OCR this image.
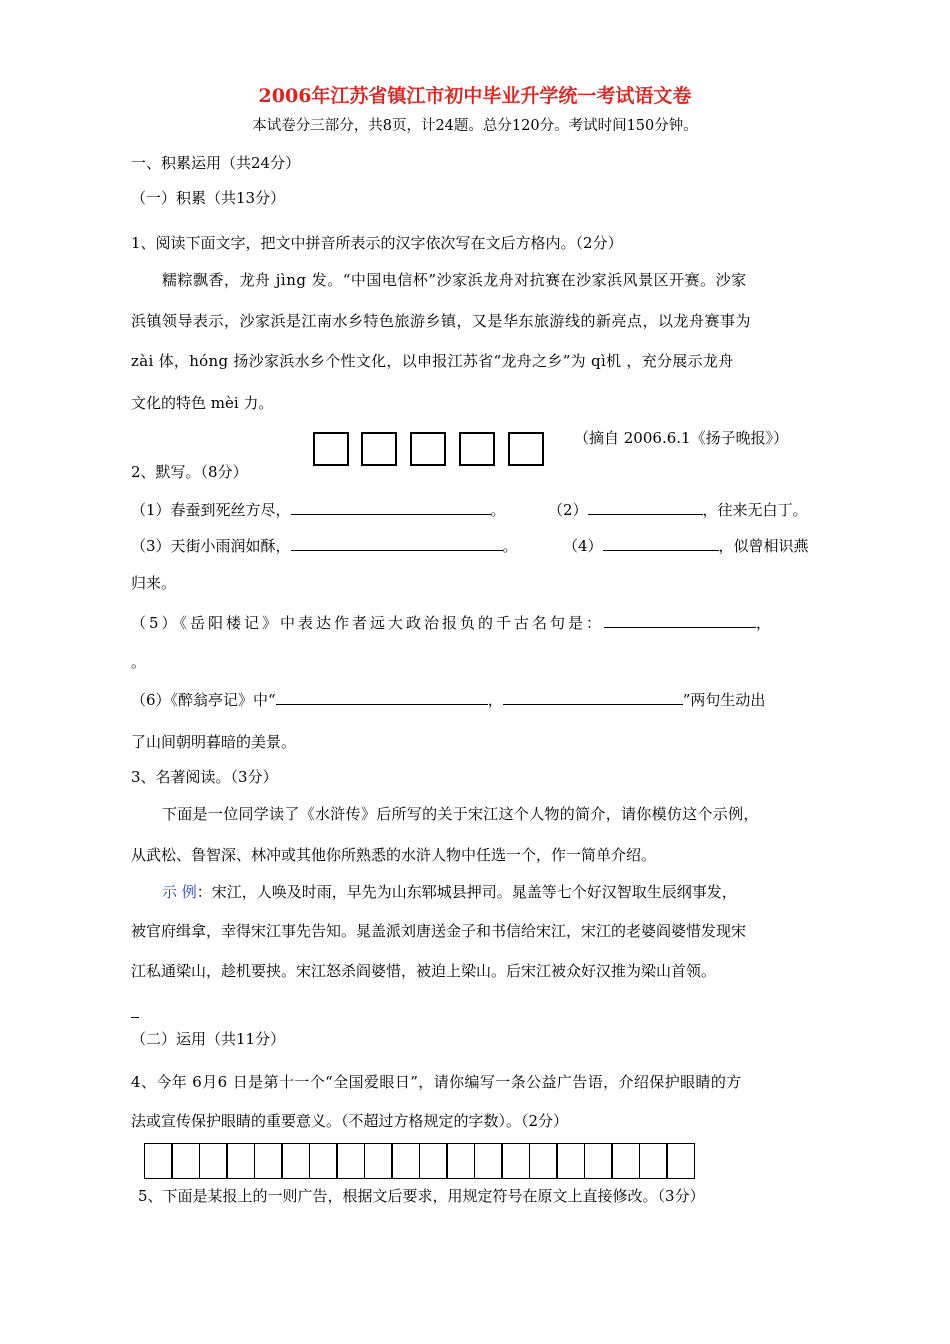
2006年江苏省镇江市初中毕业升学统一考试语文卷
本试卷分三部分，共8页，计24题。总分120分。考试时间150分钟。
一、积累运用（共24分）
（一）积累（共13分）
1、阅读下面文字，把文中拼音所表示的汉字依次写在文后方格内。（2分）
糯粽飘香，龙舟 jìng 发。“中国电信杯”沙家浜龙舟对抗赛在沙家浜风景区开赛。沙家
浜镇领导表示，沙家浜是江南水乡特色旅游乡镇，又是华东旅游线的新亮点，以龙舟赛事为
zài 体，hóng 扬沙家浜水乡个性文化，以申报江苏省“龙舟之乡”为 qì机 ，充分展示龙舟
文化的特色 mèi 力。
（摘自 2006.6.1《扬子晚报》）
2、默写。（8分）
（1）春蚕到死丝方尽，	。	（2）	，往来无白丁。
（3）天街小雨润如酥，	。	（4）	，似曾相识燕
归来。
（5）《岳阳楼记》中表达作者远大政治报负的千古名句是：	，
。
（6）《醉翁亭记》中“	，	”两句生动出
了山间朝明暮暗的美景。
3、名著阅读。（3分）
下面是一位同学读了《水浒传》后所写的关于宋江这个人物的简介，请你模仿这个示例，
从武松、鲁智深、林冲或其他你所熟悉的水浒人物中任选一个，作一简单介绍。
示 例：宋江，人唤及时雨，早先为山东郓城县押司。晁盖等七个好汉智取生辰纲事发，
被官府缉拿，幸得宋江事先告知。晁盖派刘唐送金子和书信给宋江，宋江的老婆阎婆惜发现宋
江私通梁山，趁机要挟。宋江怒杀阎婆惜，被迫上梁山。后宋江被众好汉推为梁山首领。
（二）运用（共11分）
4、今年 6月6 日是第十一个“全国爱眼日”，请你编写一条公益广告语，介绍保护眼睛的方
法或宣传保护眼睛的重要意义。（不超过方格规定的字数）。（2分）
5、下面是某报上的一则广告，根据文后要求，用规定符号在原文上直接修改。（3分）
